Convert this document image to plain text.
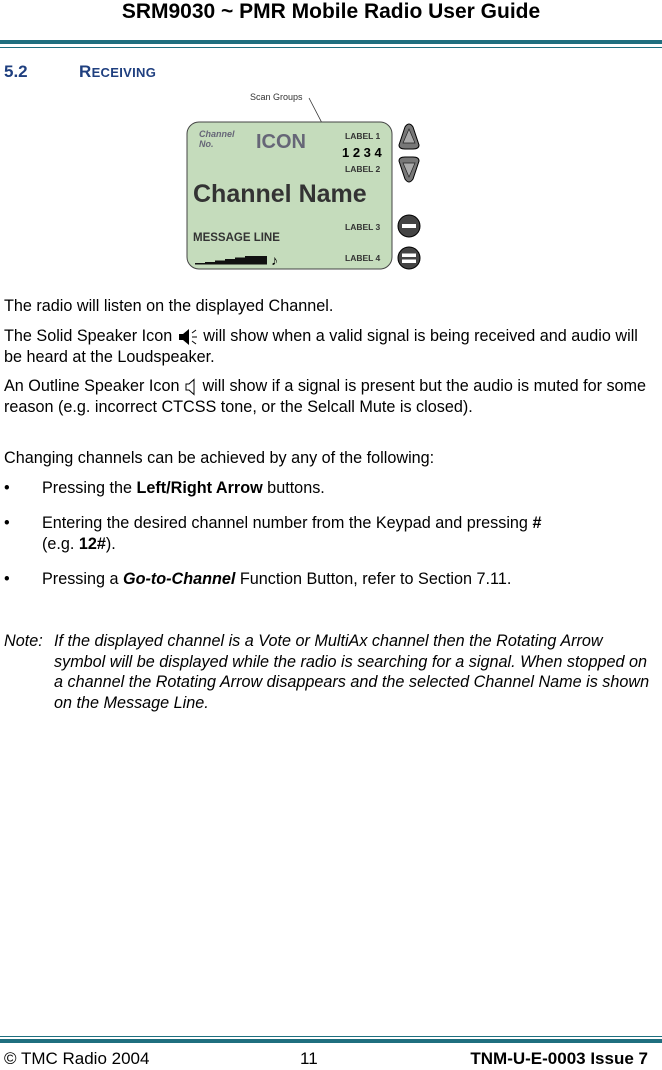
SRM9030 ~ PMR Mobile Radio User Guide
5.2	RECEIVING
Scan Groups
Channel
No. ICON	LABEL 1
1 2 3 4
LABEL 2
Channel Name
LABEL 3
MESSAGE LINE
♪	LABEL 4
The radio will listen on the displayed Channel.
The Solid Speaker Icon  will show when a valid signal is being received and audio will be heard at the Loudspeaker.
An Outline Speaker Icon  will show if a signal is present but the audio is muted for some reason (e.g. incorrect CTCSS tone, or the Selcall Mute is closed).
Changing channels can be achieved by any of the following:
• Pressing the Left/Right Arrow buttons.
• Entering the desired channel number from the Keypad and pressing #
(e.g. 12#).
• Pressing a Go-to-Channel Function Button, refer to Section 7.11.
Note: If the displayed channel is a Vote or MultiAx channel then the Rotating Arrow symbol will be displayed while the radio is searching for a signal. When stopped on a channel the Rotating Arrow disappears and the selected Channel Name is shown on the Message Line.
© TMC Radio 2004	11	TNM-U-E-0003 Issue 7
